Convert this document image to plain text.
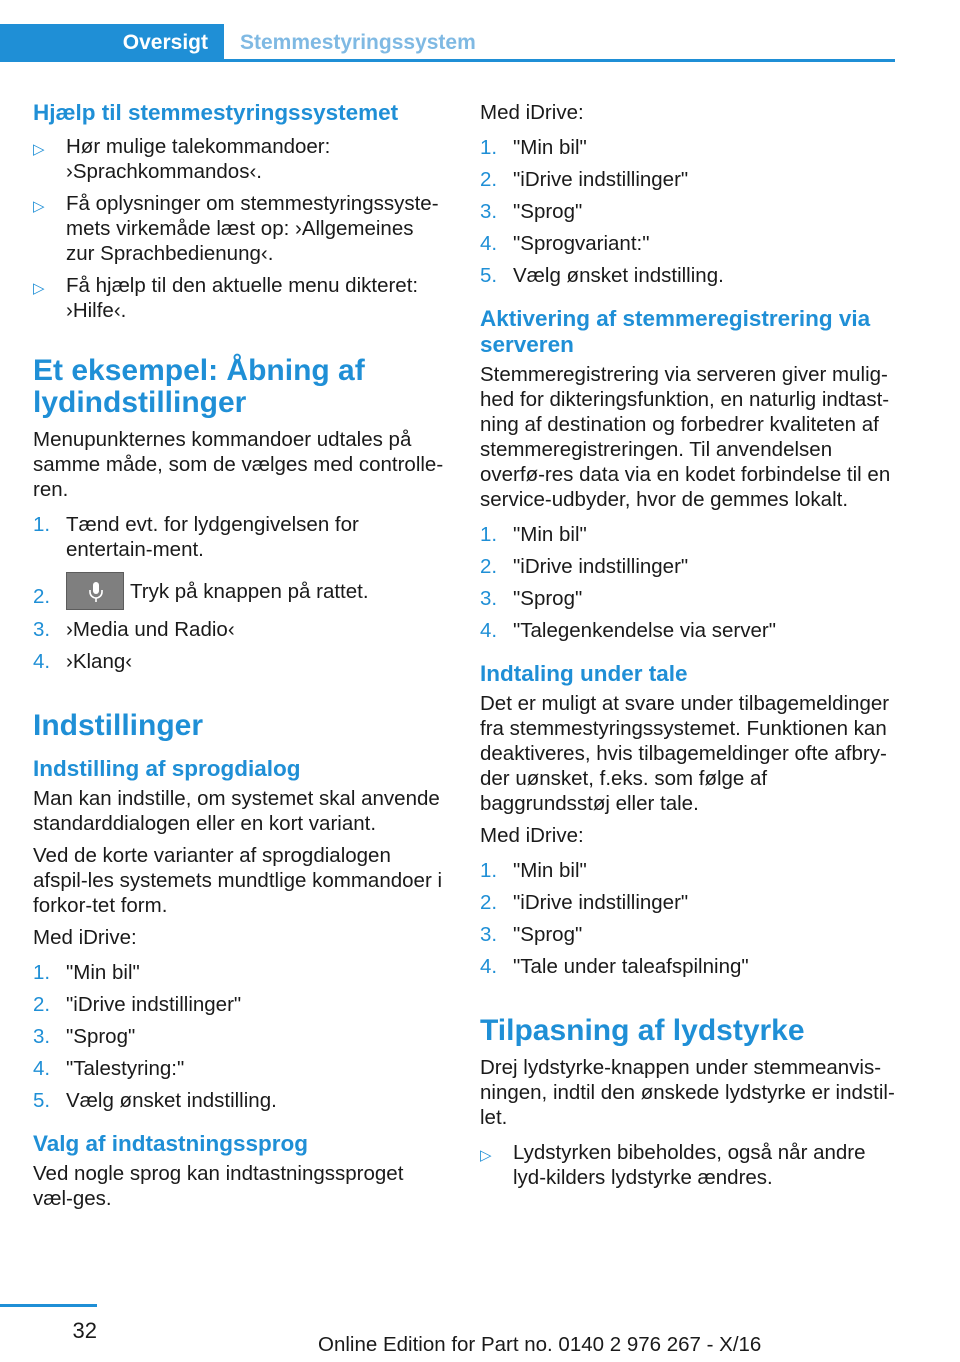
Oversigt	Stemmestyringssystem
Hjælp til stemmestyringssystemet
▷ Hør mulige talekommandoer: ›Sprachkommandos‹.
▷ Få oplysninger om stemmestyringssyste-mets virkemåde læst op: ›Allgemeines zur Sprachbedienung‹.
▷ Få hjælp til den aktuelle menu dikteret: ›Hilfe‹.
Et eksempel: Åbning af lydindstillinger
Menupunkternes kommandoer udtales på samme måde, som de vælges med controlle-ren.
1. Tænd evt. for lydgengivelsen for entertain-ment.
2.	Tryk på knappen på rattet.
3. ›Media und Radio‹
4. ›Klang‹
Indstillinger
Indstilling af sprogdialog
Man kan indstille, om systemet skal anvende standarddialogen eller en kort variant.
Ved de korte varianter af sprogdialogen afspil-les systemets mundtlige kommandoer i forkor-tet form.
Med iDrive:
1. "Min bil"
2. "iDrive indstillinger"
3. "Sprog"
4. "Talestyring:"
5. Vælg ønsket indstilling.
Valg af indtastningssprog
Ved nogle sprog kan indtastningssproget væl-ges.
Med iDrive:
1. "Min bil"
2. "iDrive indstillinger"
3. "Sprog"
4. "Sprogvariant:"
5. Vælg ønsket indstilling.
Aktivering af stemmeregistrering via serveren
Stemmeregistrering via serveren giver mulig-hed for dikteringsfunktion, en naturlig indtast-ning af destination og forbedrer kvaliteten af stemmeregistreringen. Til anvendelsen overfø-res data via en kodet forbindelse til en service-udbyder, hvor de gemmes lokalt.
1. "Min bil"
2. "iDrive indstillinger"
3. "Sprog"
4. "Talegenkendelse via server"
Indtaling under tale
Det er muligt at svare under tilbagemeldinger fra stemmestyringssystemet. Funktionen kan deaktiveres, hvis tilbagemeldinger ofte afbry-der uønsket, f.eks. som følge af baggrundsstøj eller tale.
Med iDrive:
1. "Min bil"
2. "iDrive indstillinger"
3. "Sprog"
4. "Tale under taleafspilning"
Tilpasning af lydstyrke
Drej lydstyrke-knappen under stemmeanvis-ningen, indtil den ønskede lydstyrke er indstil-let.
▷ Lydstyrken bibeholdes, også når andre lyd-kilders lydstyrke ændres.
32
Online Edition for Part no. 0140 2 976 267 - X/16
